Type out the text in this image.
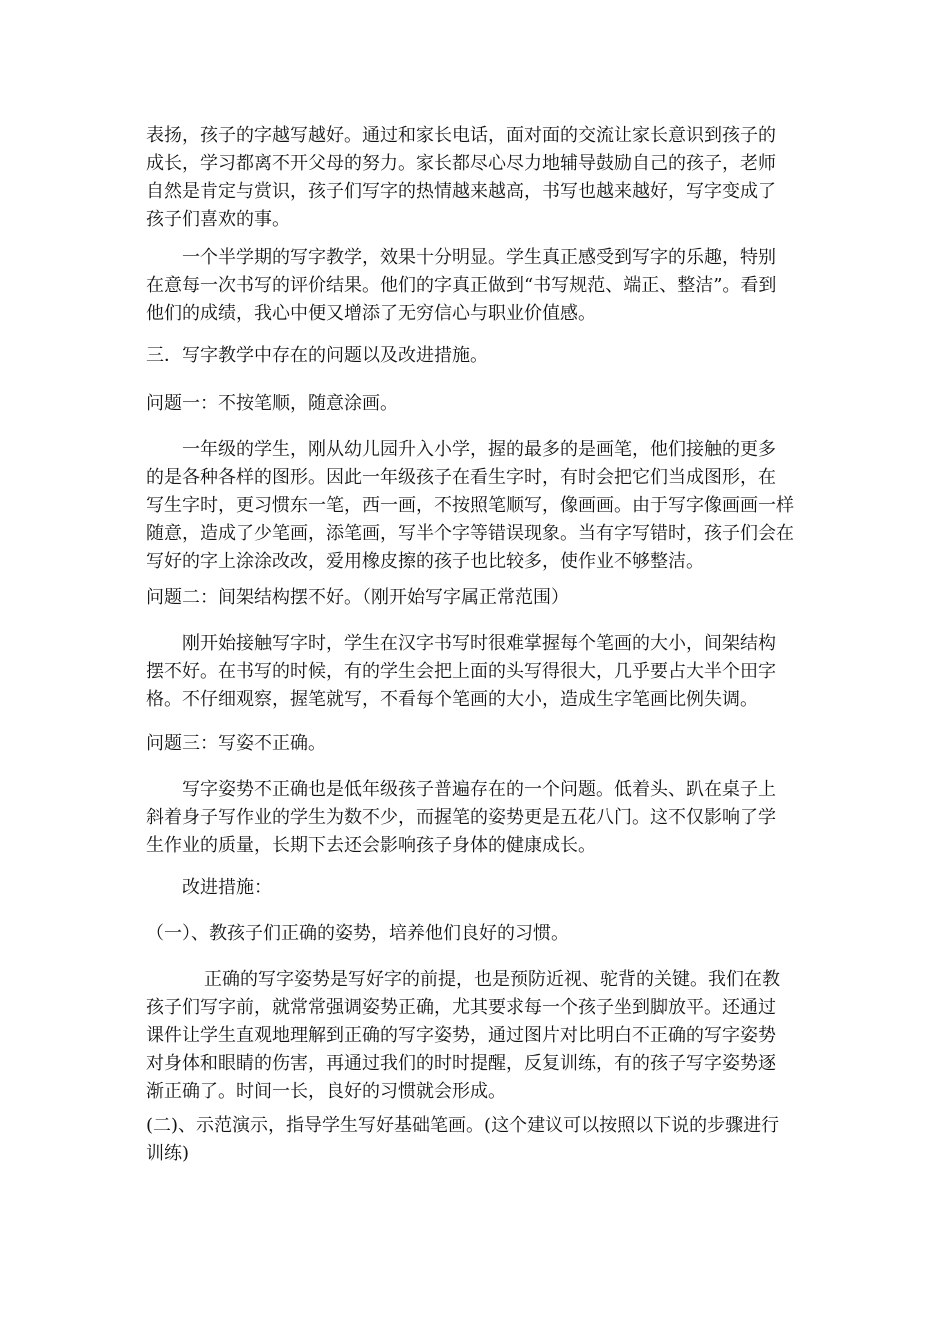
表扬，孩子的字越写越好。通过和家长电话，面对面的交流让家长意识到孩子的
成长，学习都离不开父母的努力。家长都尽心尽力地辅导鼓励自己的孩子，老师
自然是肯定与赏识，孩子们写字的热情越来越高，书写也越来越好，写字变成了
孩子们喜欢的事。
一个半学期的写字教学，效果十分明显。学生真正感受到写字的乐趣，特别
在意每一次书写的评价结果。他们的字真正做到“书写规范、端正、整洁”。看到
他们的成绩，我心中便又增添了无穷信心与职业价值感。
三．写字教学中存在的问题以及改进措施。
问题一：不按笔顺，随意涂画。
一年级的学生，刚从幼儿园升入小学，握的最多的是画笔，他们接触的更多
的是各种各样的图形。因此一年级孩子在看生字时，有时会把它们当成图形，在
写生字时，更习惯东一笔，西一画，不按照笔顺写，像画画。由于写字像画画一样
随意，造成了少笔画，添笔画，写半个字等错误现象。当有字写错时，孩子们会在
写好的字上涂涂改改，爱用橡皮擦的孩子也比较多，使作业不够整洁。
问题二：间架结构摆不好。（刚开始写字属正常范围）
刚开始接触写字时，学生在汉字书写时很难掌握每个笔画的大小，间架结构
摆不好。在书写的时候，有的学生会把上面的头写得很大，几乎要占大半个田字
格。不仔细观察，握笔就写，不看每个笔画的大小，造成生字笔画比例失调。
问题三：写姿不正确。
写字姿势不正确也是低年级孩子普遍存在的一个问题。低着头、趴在桌子上
斜着身子写作业的学生为数不少，而握笔的姿势更是五花八门。这不仅影响了学
生作业的质量，长期下去还会影响孩子身体的健康成长。
改进措施：
（一）、教孩子们正确的姿势，培养他们良好的习惯。
正确的写字姿势是写好字的前提，也是预防近视、驼背的关键。我们在教
孩子们写字前，就常常强调姿势正确，尤其要求每一个孩子坐到脚放平。还通过
课件让学生直观地理解到正确的写字姿势，通过图片对比明白不正确的写字姿势
对身体和眼睛的伤害，再通过我们的时时提醒，反复训练，有的孩子写字姿势逐
渐正确了。时间一长，良好的习惯就会形成。
(二)、示范演示，指导学生写好基础笔画。(这个建议可以按照以下说的步骤进行
训练)
